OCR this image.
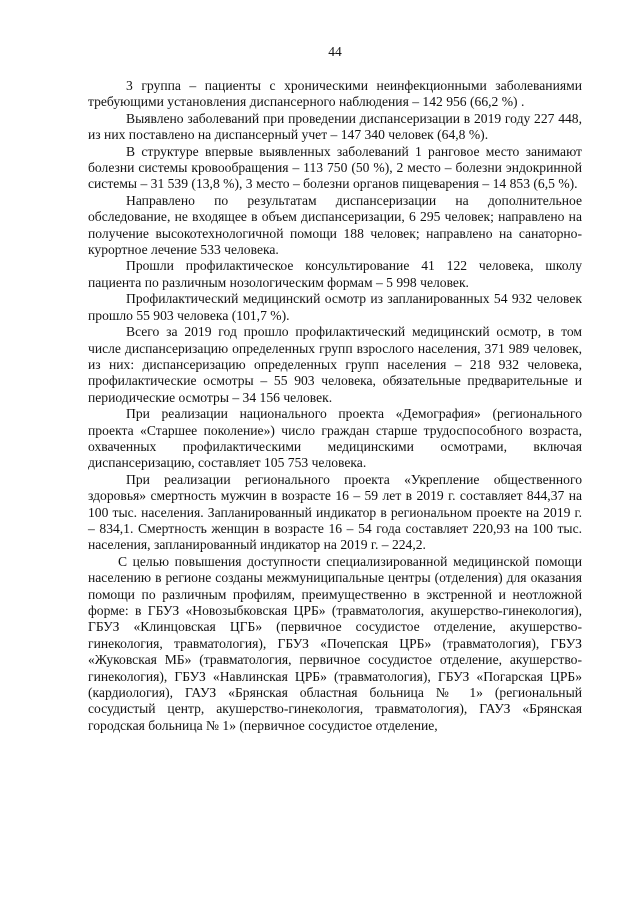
44

3 группа – пациенты с хроническими неинфекционными заболеваниями требующими установления диспансерного наблюдения – 142 956 (66,2 %) .

Выявлено заболеваний при проведении диспансеризации в 2019 году 227 448, из них поставлено на диспансерный учет – 147 340 человек (64,8 %).

В структуре впервые выявленных заболеваний 1 ранговое место занимают болезни системы кровообращения – 113 750 (50 %), 2 место – болезни эндокринной системы – 31 539 (13,8 %), 3 место – болезни органов пищеварения – 14 853 (6,5 %).

Направлено по результатам диспансеризации на дополнительное обследование, не входящее в объем диспансеризации, 6 295 человек; направлено на получение высокотехнологичной помощи 188 человек; направлено на санаторно-курортное лечение 533 человека.

Прошли профилактическое консультирование 41 122 человека, школу пациента по различным нозологическим формам – 5 998 человек.

Профилактический медицинский осмотр из запланированных 54 932 человек прошло 55 903 человека (101,7 %).

Всего за 2019 год прошло профилактический медицинский осмотр, в том числе диспансеризацию определенных групп взрослого населения, 371 989 человек, из них: диспансеризацию определенных групп населения – 218 932 человека, профилактические осмотры – 55 903 человека, обязательные предварительные и периодические осмотры – 34 156 человек.

При реализации национального проекта «Демография» (регионального проекта «Старшее поколение») число граждан старше трудоспособного возраста, охваченных профилактическими медицинскими осмотрами, включая диспансеризацию, составляет 105 753 человека.

При реализации регионального проекта «Укрепление общественного здоровья» смертность мужчин в возрасте 16 – 59 лет в 2019 г. составляет 844,37 на 100 тыс. населения. Запланированный индикатор в региональном проекте на 2019 г. – 834,1. Смертность женщин в возрасте 16 – 54 года составляет 220,93 на 100 тыс. населения, запланированный индикатор на 2019 г. – 224,2.

С целью повышения доступности специализированной медицинской помощи населению в регионе созданы межмуниципальные центры (отделения) для оказания помощи по различным профилям, преимущественно в экстренной и неотложной форме: в ГБУЗ «Новозыбковская ЦРБ» (травматология, акушерство-гинекология), ГБУЗ «Клинцовская ЦГБ» (первичное сосудистое отделение, акушерство-гинекология, травматология), ГБУЗ «Почепская ЦРБ» (травматология), ГБУЗ «Жуковская МБ» (травматология, первичное сосудистое отделение, акушерство-гинекология), ГБУЗ «Навлинская ЦРБ» (травматология), ГБУЗ «Погарская ЦРБ» (кардиология), ГАУЗ «Брянская областная больница № 1» (региональный сосудистый центр, акушерство-гинекология, травматология), ГАУЗ «Брянская городская больница № 1» (первичное сосудистое отделение,
